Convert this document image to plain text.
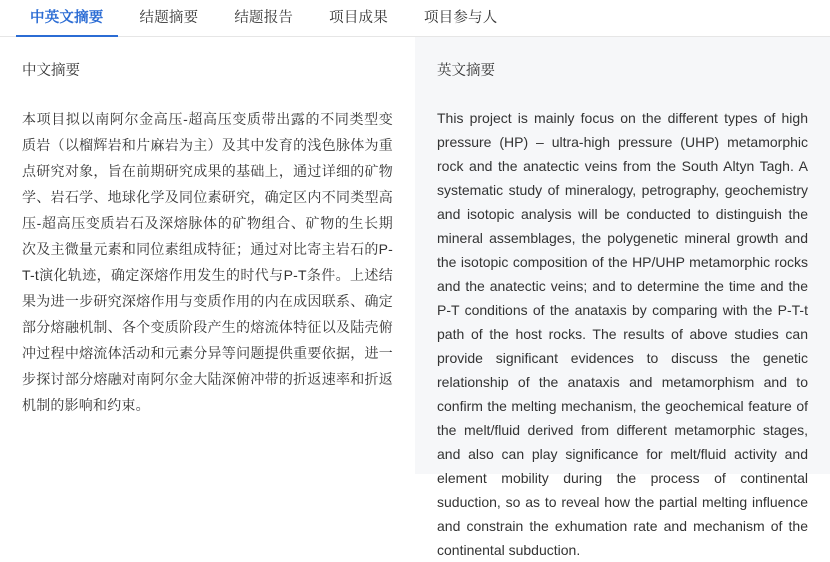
中英文摘要	结题摘要	结题报告	项目成果	项目参与人
中文摘要

本项目拟以南阿尔金高压-超高压变质带出露的不同类型变质岩（以榴辉岩和片麻岩为主）及其中发育的浅色脉体为重点研究对象，旨在前期研究成果的基础上，通过详细的矿物学、岩石学、地球化学及同位素研究，确定区内不同类型高压-超高压变质岩石及深熔脉体的矿物组合、矿物的生长期次及主微量元素和同位素组成特征；通过对比寄主岩石的P-T-t演化轨迹，确定深熔作用发生的时代与P-T条件。上述结果为进一步研究深熔作用与变质作用的内在成因联系、确定部分熔融机制、各个变质阶段产生的熔流体特征以及陆壳俯冲过程中熔流体活动和元素分异等问题提供重要依据，进一步探讨部分熔融对南阿尔金大陆深俯冲带的折返速率和折返机制的影响和约束。

英文摘要

This project is mainly focus on the different types of high pressure (HP) – ultra-high pressure (UHP) metamorphic rock and the anatectic veins from the South Altyn Tagh. A systematic study of mineralogy, petrography, geochemistry and isotopic analysis will be conducted to distinguish the mineral assemblages, the polygenetic mineral growth and the isotopic composition of the HP/UHP metamorphic rocks and the anatectic veins; and to determine the time and the P-T conditions of the anataxis by comparing with the P-T-t path of the host rocks. The results of above studies can provide significant evidences to discuss the genetic relationship of the anataxis and metamorphism and to confirm the melting mechanism, the geochemical feature of the melt/fluid derived from different metamorphic stages, and also can play significance for melt/fluid activity and element mobility during the process of continental suduction, so as to reveal how the partial melting influence and constrain the exhumation rate and mechanism of the continental subduction.
